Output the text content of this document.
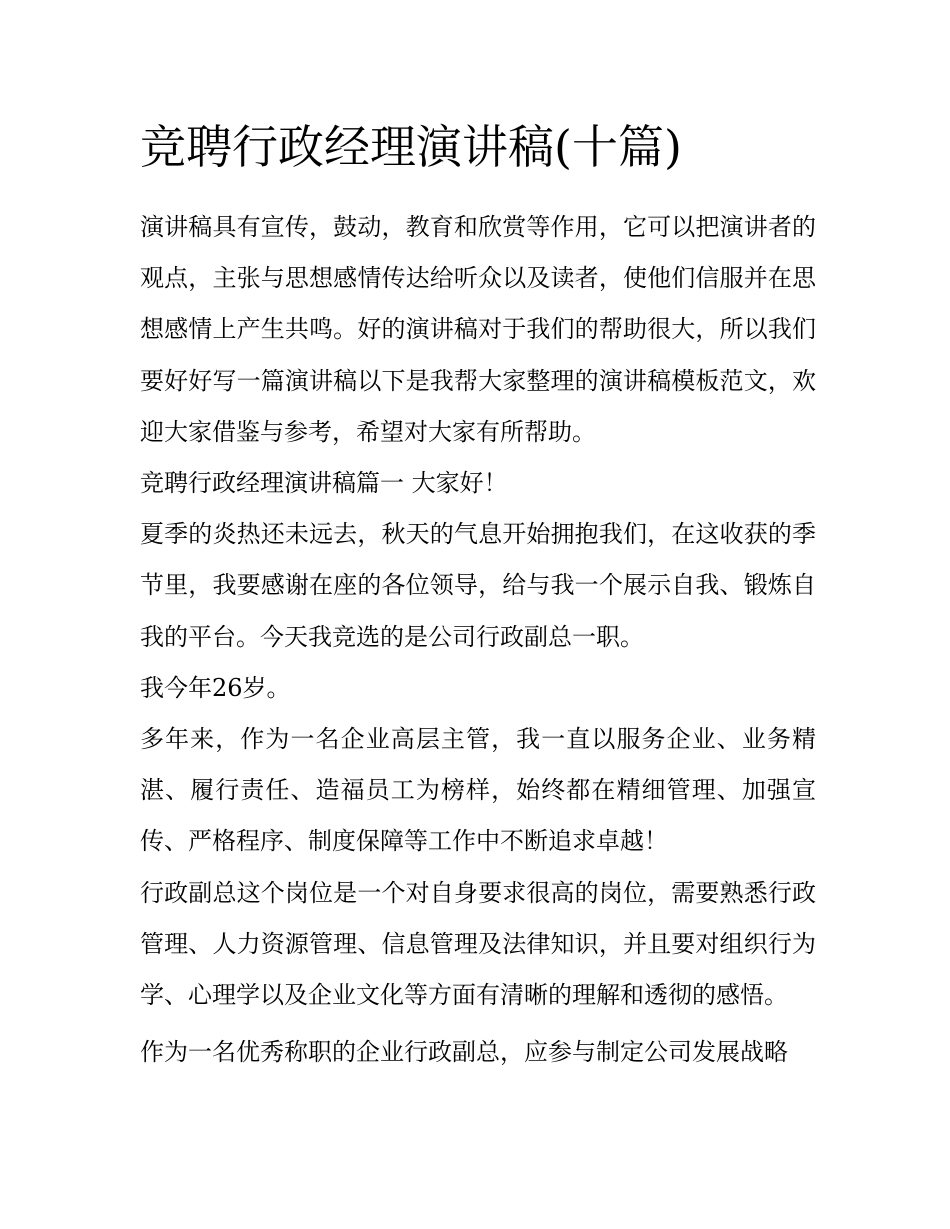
竞聘行政经理演讲稿(十篇)

演讲稿具有宣传，鼓动，教育和欣赏等作用，它可以把演讲者的观点，主张与思想感情传达给听众以及读者，使他们信服并在思想感情上产生共鸣。好的演讲稿对于我们的帮助很大，所以我们要好好写一篇演讲稿以下是我帮大家整理的演讲稿模板范文，欢迎大家借鉴与参考，希望对大家有所帮助。

竞聘行政经理演讲稿篇一 大家好！

夏季的炎热还未远去，秋天的气息开始拥抱我们，在这收获的季节里，我要感谢在座的各位领导，给与我一个展示自我、锻炼自我的平台。今天我竞选的是公司行政副总一职。

我今年26岁。

多年来，作为一名企业高层主管，我一直以服务企业、业务精湛、履行责任、造福员工为榜样，始终都在精细管理、加强宣传、严格程序、制度保障等工作中不断追求卓越！

行政副总这个岗位是一个对自身要求很高的岗位，需要熟悉行政管理、人力资源管理、信息管理及法律知识，并且要对组织行为学、心理学以及企业文化等方面有清晰的理解和透彻的感悟。

作为一名优秀称职的企业行政副总，应参与制定公司发展战略
